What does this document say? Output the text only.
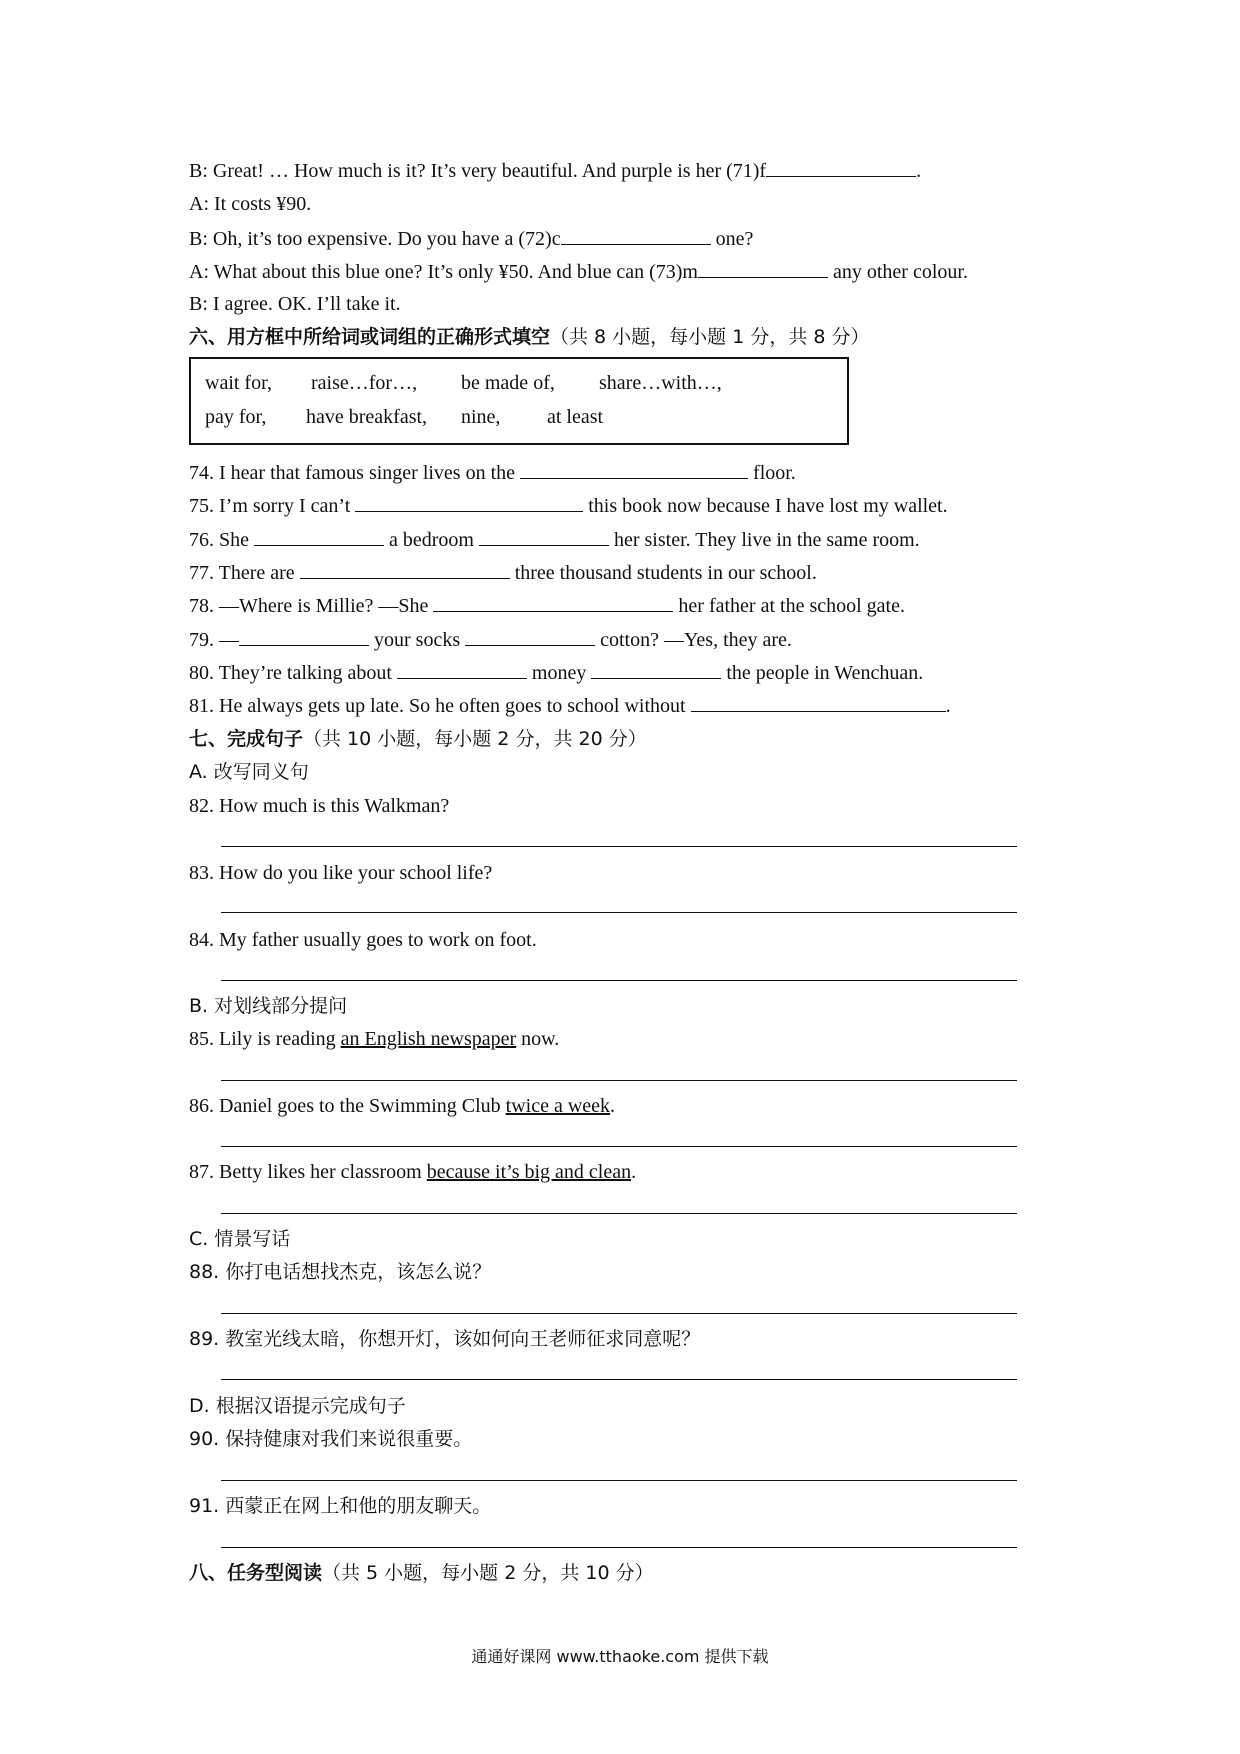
B: Great! … How much is it? It’s very beautiful. And purple is her (71)f	.
A: It costs ¥90.
B: Oh, it’s too expensive. Do you have a (72)c	one?
A: What about this blue one? It’s only ¥50. And blue can (73)m	any other colour.
B: I agree. OK. I’ll take it.
六、用方框中所给词或词组的正确形式填空（共 8 小题，每小题 1 分，共 8 分）
wait for, raise…for…, be made of, share…with…,
pay for, have breakfast, nine, at least
74. I hear that famous singer lives on the	floor.
75. I’m sorry I can’t	this book now because I have lost my wallet.
76. She	a bedroom	her sister. They live in the same room.
77. There are	three thousand students in our school.
78. —Where is Millie? —She	her father at the school gate.
79. —	your socks	cotton? —Yes, they are.
80. They’re talking about	money	the people in Wenchuan.
81. He always gets up late. So he often goes to school without	.
七、完成句子（共 10 小题，每小题 2 分，共 20 分）
A. 改写同义句
82. How much is this Walkman?
83. How do you like your school life?
84. My father usually goes to work on foot.
B. 对划线部分提问
85. Lily is reading an English newspaper now.
86. Daniel goes to the Swimming Club twice a week.
87. Betty likes her classroom because it’s big and clean.
C. 情景写话
88. 你打电话想找杰克，该怎么说？
89. 教室光线太暗，你想开灯，该如何向王老师征求同意呢？
D. 根据汉语提示完成句子
90. 保持健康对我们来说很重要。
91. 西蒙正在网上和他的朋友聊天。
八、任务型阅读（共 5 小题，每小题 2 分，共 10 分）
通通好课网 www.tthaoke.com 提供下载
